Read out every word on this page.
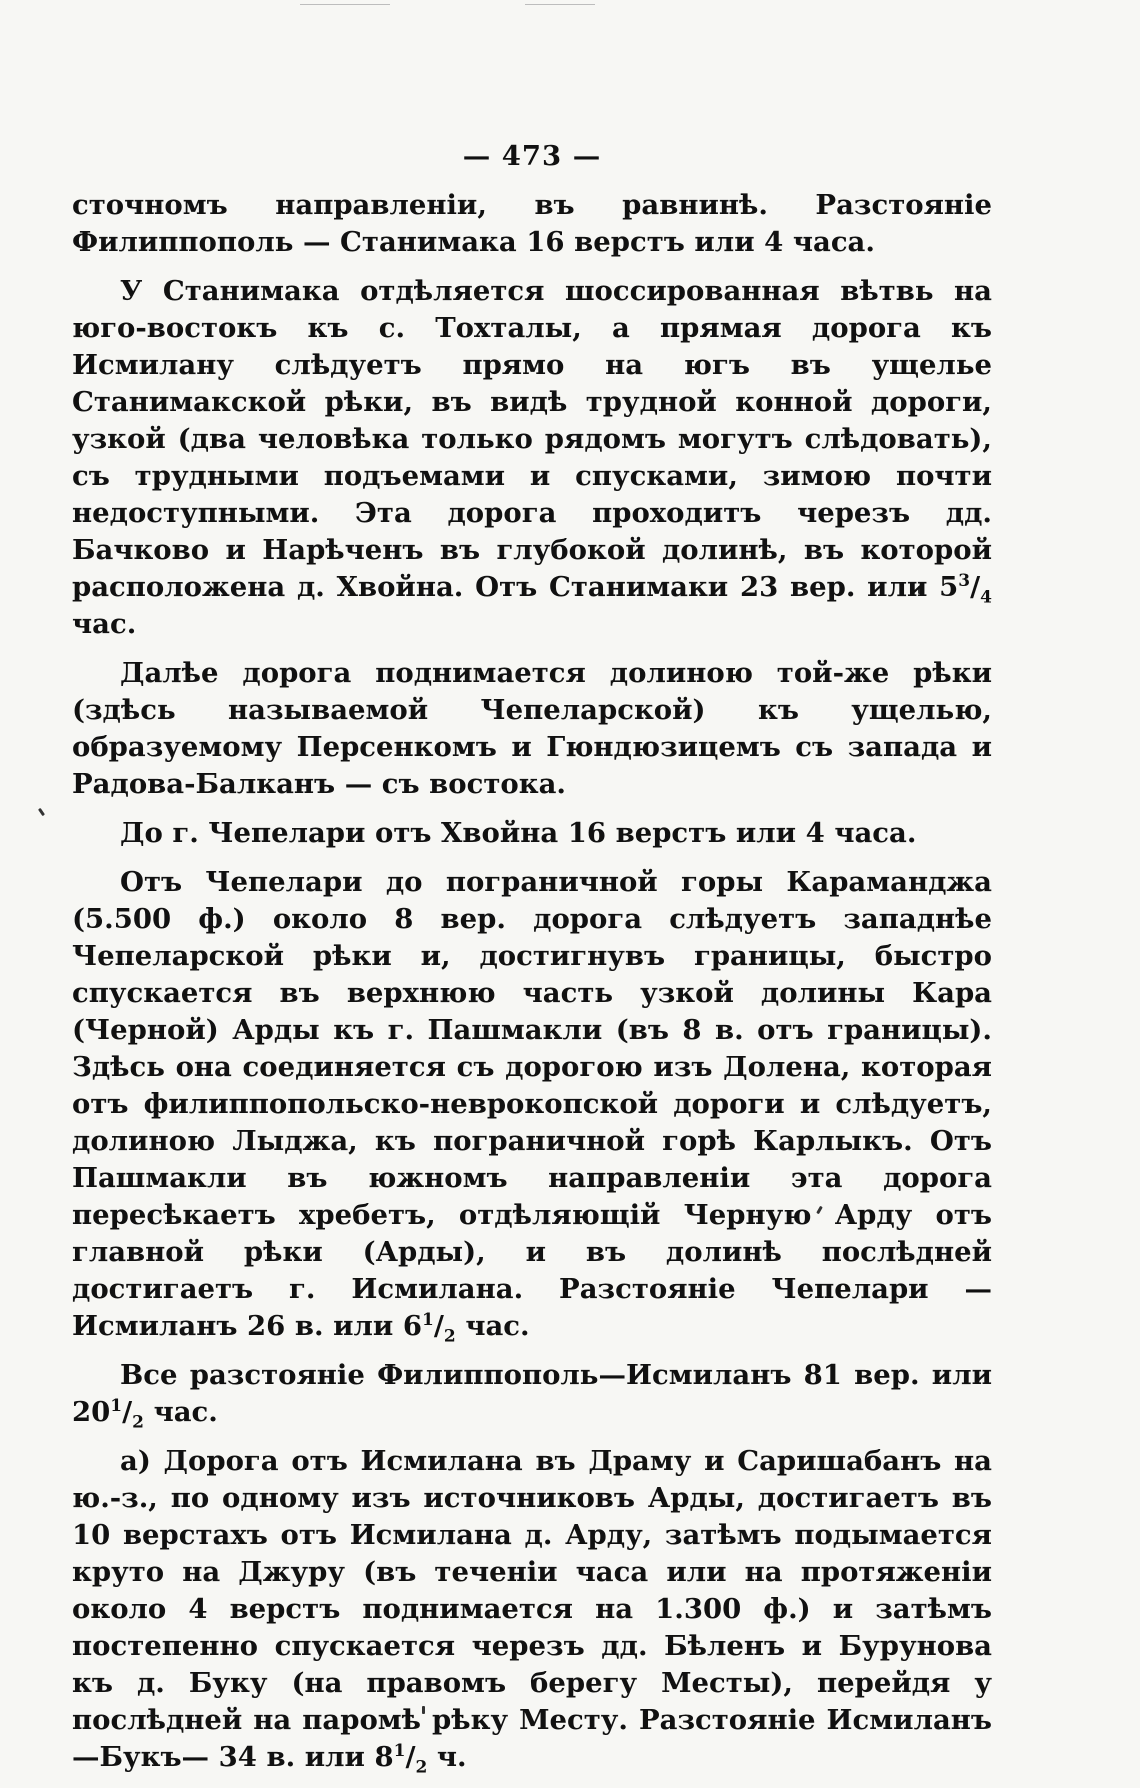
— 473 —

сточномъ направленіи, въ равнинѣ. Разстояніе Филиппополь — Станимака 16 верстъ или 4 часа.

У Станимака отдѣляется шоссированная вѣтвь на юго-востокъ къ с. Тохталы, а прямая дорога къ Исмилану слѣдуетъ прямо на югъ въ ущелье Станимакской рѣки, въ видѣ трудной конной дороги, узкой (два человѣка только рядомъ могутъ слѣдовать), съ трудными подъемами и спусками, зимою почти недоступными. Эта дорога проходитъ черезъ дд. Бачково и Нарѣченъ въ глубокой долинѣ, въ которой расположена д. Хвойна. Отъ Станимаки 23 вер. или $5^3/_4$ час.

Далѣе дорога поднимается долиною той-же рѣки (здѣсь называемой Чепеларской) къ ущелью, образуемому Персенкомъ и Гюндюзицемъ съ запада и Радова-Балканъ — съ востока.

До г. Чепелари отъ Хвойна 16 верстъ или 4 часа.

Отъ Чепелари до пограничной горы Караманджа (5.500 ф.) около 8 вер. дорога слѣдуетъ западнѣе Чепеларской рѣки и, достигнувъ границы, быстро спускается въ верхнюю часть узкой долины Кара (Черной) Арды къ г. Пашмакли (въ 8 в. отъ границы). Здѣсь она соединяется съ дорогою изъ Долена, которая отъ филиппопольско-неврокопской дороги и слѣдуетъ, долиною Лыджа, къ пограничной горѣ Карлыкъ. Отъ Пашмакли въ южномъ направленіи эта дорога пересѣкаетъ хребетъ, отдѣляющій Черную Арду отъ главной рѣки (Арды), и въ долинѣ послѣдней достигаетъ г. Исмилана. Разстояніе Чепелари — Исмиланъ 26 в. или $6^1/_2$ час.

Все разстояніе Филиппополь—Исмиланъ 81 вер. или $20^1/_2$ час.

а) Дорога отъ Исмилана въ Драму и Саришабанъ на ю.-з., по одному изъ источниковъ Арды, достигаетъ въ 10 верстахъ отъ Исмилана д. Арду, затѣмъ подымается круто на Джуру (въ теченіи часа или на протяженіи около 4 верстъ поднимается на 1.300 ф.) и затѣмъ постепенно спускается черезъ дд. Бѣленъ и Бурунова къ д. Буку (на правомъ берегу Месты), перейдя у послѣдней на паромѣ рѣку Месту. Разстояніе Исмиланъ—Букъ— 34 в. или $8^1/_2$ ч.
